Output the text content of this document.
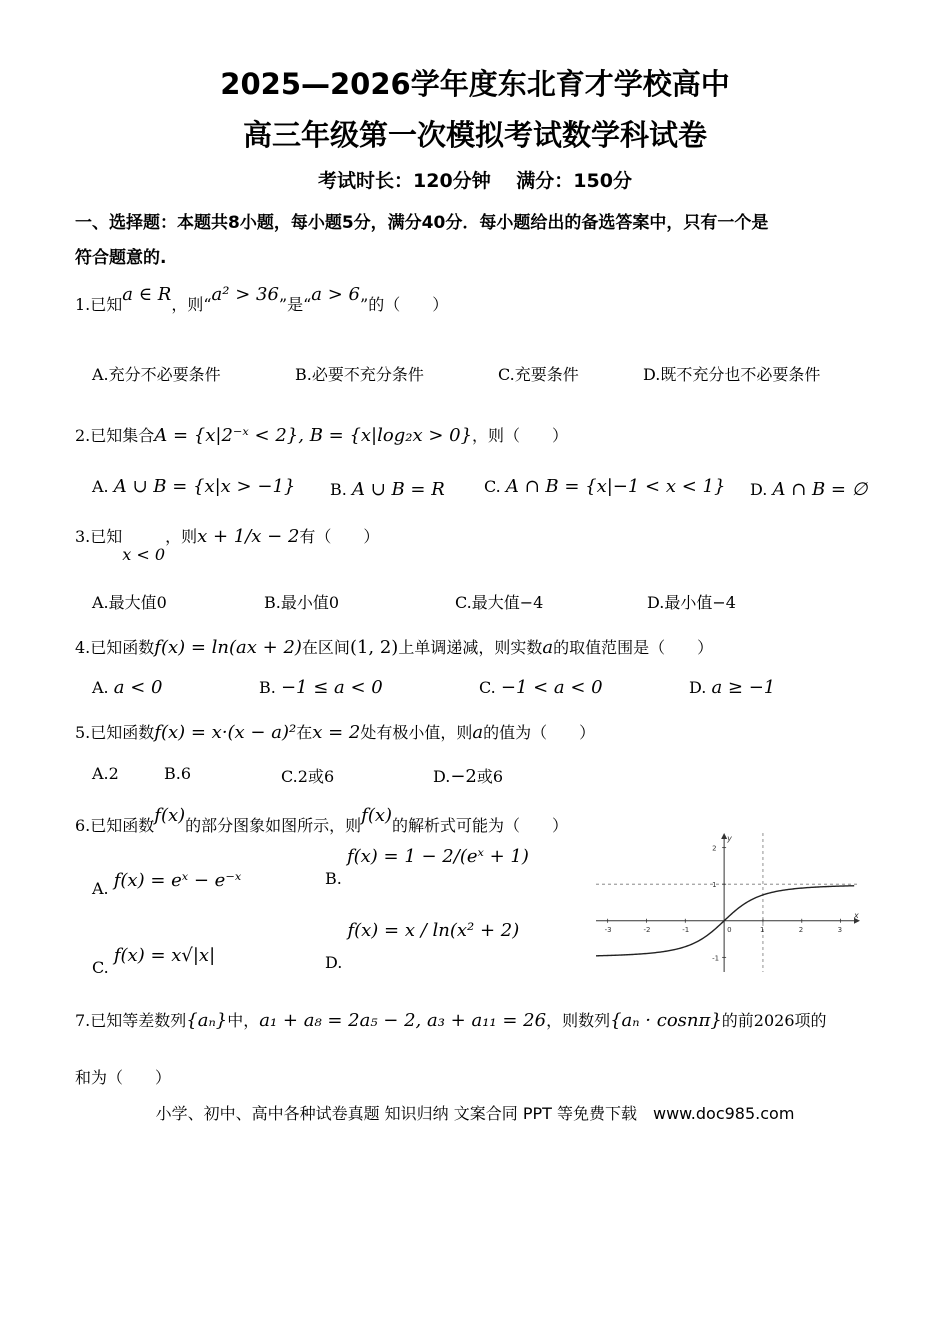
2025—2026学年度东北育才学校高中
高三年级第一次模拟考试数学科试卷
考试时长：120分钟　 满分：150分
一、选择题：本题共8小题，每小题5分，满分40分．每小题给出的备选答案中，只有一个是
符合题意的.
1.已知a ∈ R，则“a² > 36”是“a > 6”的（　　）
A.充分不必要条件	B.必要不充分条件	C.充要条件	D.既不充分也不必要条件
2.已知集合A = {x|2⁻ˣ < 2}, B = {x|log₂x > 0}，则（　　）
A. A ∪ B = {x|x > −1} B. A ∪ B = R C. A ∩ B = {x|−1 < x < 1} D. A ∩ B = ∅
3.已知x < 0，则x + 1/x − 2有（　　）
A.最大值0	B.最小值0	C.最大值−4	D.最小值−4
4.已知函数f(x) = ln(ax + 2)在区间(1, 2)上单调递减，则实数a的取值范围是（　　）
A. a < 0	B. −1 ≤ a < 0	C. −1 < a < 0	D. a ≥ −1
5.已知函数f(x) = x·(x − a)²在x = 2处有极小值，则a的值为（　　）
A.2	B.6	C.2或6	D.−2或6
6.已知函数f(x)的部分图象如图所示，则f(x)的解析式可能为（　　）
A. f(x) = eˣ − e⁻ˣ	B. f(x) = 1 − 2/(eˣ + 1)
C. f(x) = x√|x|	D. f(x) = x / ln(x² + 2)	-3	-2	-1	0	1	2	3
2
1
-1
x
y
7.已知等差数列{aₙ}中，a₁ + a₈ = 2a₅ − 2, a₃ + a₁₁ = 26，则数列{aₙ · cosnπ}的前2026项的
和为（　　）
小学、初中、高中各种试卷真题 知识归纳 文案合同 PPT 等免费下载　www.doc985.com
